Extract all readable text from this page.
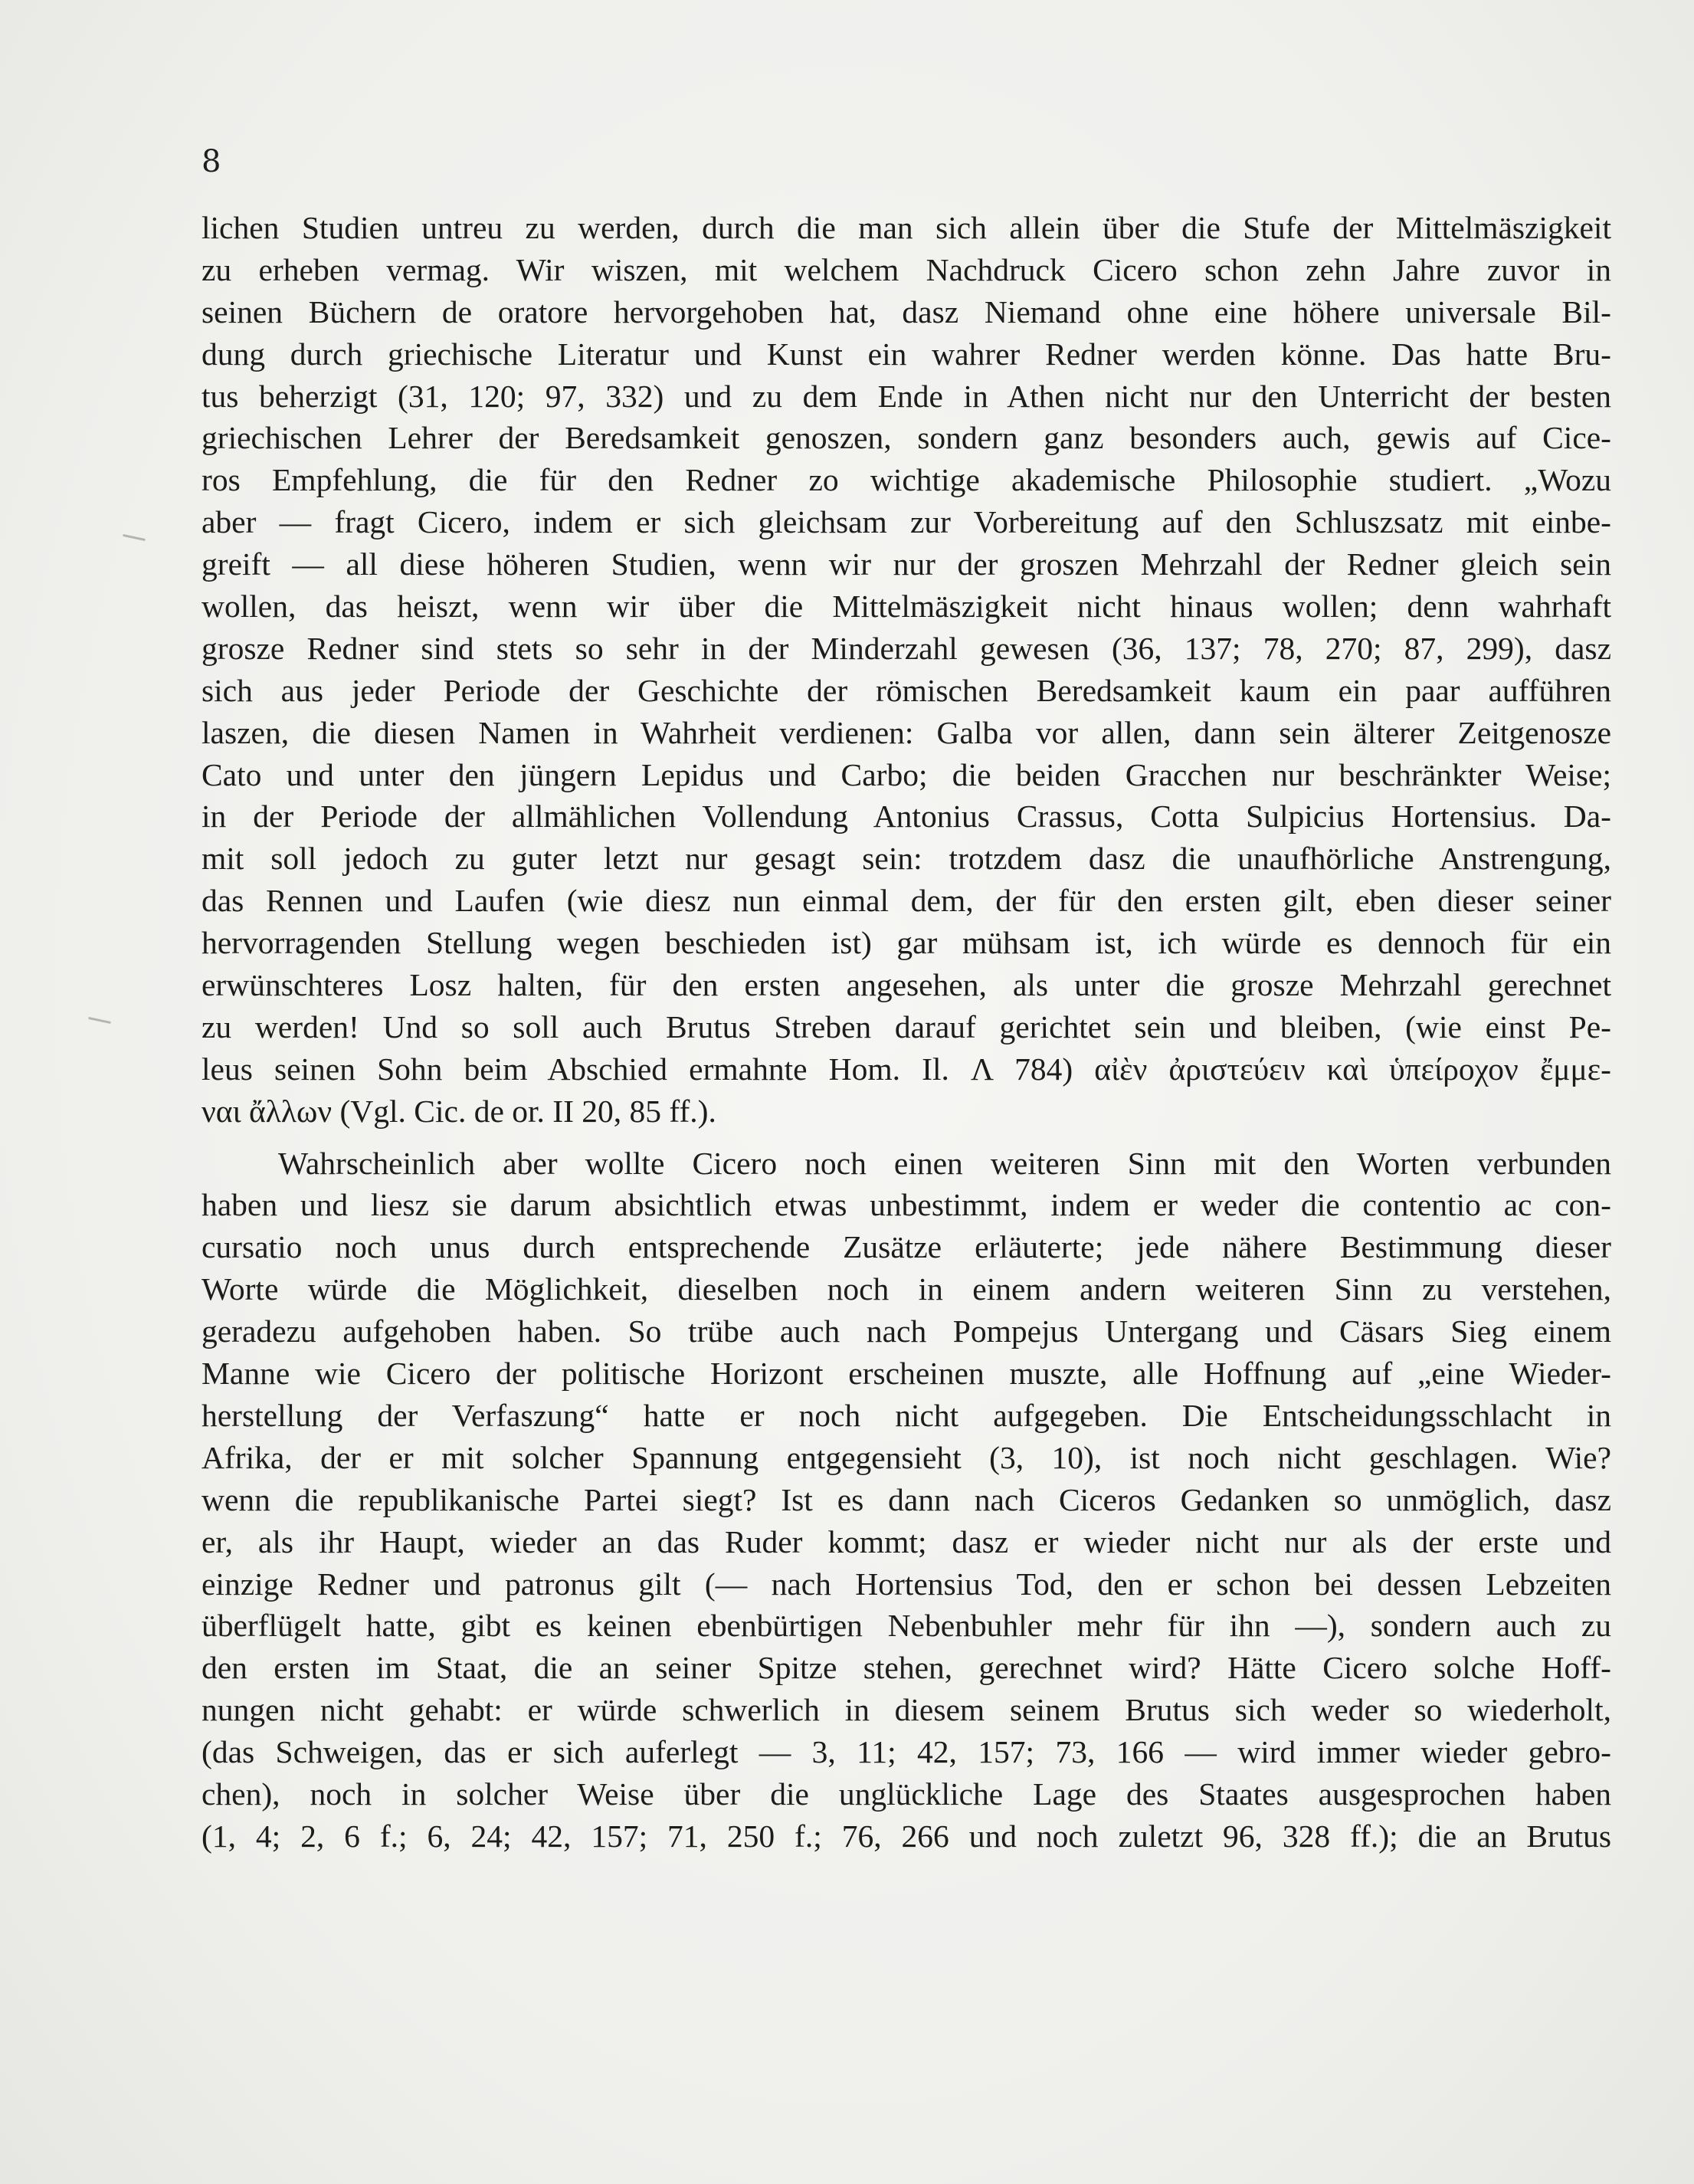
8
lichen Studien untreu zu werden, durch die man sich allein über die Stufe der Mittelmäszigkeit
zu erheben vermag. Wir wiszen, mit welchem Nachdruck Cicero schon zehn Jahre zuvor in
seinen Büchern de oratore hervorgehoben hat, dasz Niemand ohne eine höhere universale Bil-
dung durch griechische Literatur und Kunst ein wahrer Redner werden könne. Das hatte Bru-
tus beherzigt (31, 120; 97, 332) und zu dem Ende in Athen nicht nur den Unterricht der besten
griechischen Lehrer der Beredsamkeit genoszen, sondern ganz besonders auch, gewis auf Cice-
ros Empfehlung, die für den Redner zo wichtige akademische Philosophie studiert. „Wozu
aber — fragt Cicero, indem er sich gleichsam zur Vorbereitung auf den Schluszsatz mit einbe-
greift — all diese höheren Studien, wenn wir nur der groszen Mehrzahl der Redner gleich sein
wollen, das heiszt, wenn wir über die Mittelmäszigkeit nicht hinaus wollen; denn wahrhaft
grosze Redner sind stets so sehr in der Minderzahl gewesen (36, 137; 78, 270; 87, 299), dasz
sich aus jeder Periode der Geschichte der römischen Beredsamkeit kaum ein paar aufführen
laszen, die diesen Namen in Wahrheit verdienen: Galba vor allen, dann sein älterer Zeitgenosze
Cato und unter den jüngern Lepidus und Carbo; die beiden Gracchen nur beschränkter Weise;
in der Periode der allmählichen Vollendung Antonius Crassus, Cotta Sulpicius Hortensius. Da-
mit soll jedoch zu guter letzt nur gesagt sein: trotzdem dasz die unaufhörliche Anstrengung,
das Rennen und Laufen (wie diesz nun einmal dem, der für den ersten gilt, eben dieser seiner
hervorragenden Stellung wegen beschieden ist) gar mühsam ist, ich würde es dennoch für ein
erwünschteres Losz halten, für den ersten angesehen, als unter die grosze Mehrzahl gerechnet
zu werden! Und so soll auch Brutus Streben darauf gerichtet sein und bleiben, (wie einst Pe-
leus seinen Sohn beim Abschied ermahnte Hom. Il. Λ 784) αἰὲν ἀριστεύειν καὶ ὑπείροχον ἔμμε-
ναι ἄλλων (Vgl. Cic. de or. II 20, 85 ff.).
Wahrscheinlich aber wollte Cicero noch einen weiteren Sinn mit den Worten verbunden
haben und liesz sie darum absichtlich etwas unbestimmt, indem er weder die contentio ac con-
cursatio noch unus durch entsprechende Zusätze erläuterte; jede nähere Bestimmung dieser
Worte würde die Möglichkeit, dieselben noch in einem andern weiteren Sinn zu verstehen,
geradezu aufgehoben haben. So trübe auch nach Pompejus Untergang und Cäsars Sieg einem
Manne wie Cicero der politische Horizont erscheinen muszte, alle Hoffnung auf „eine Wieder-
herstellung der Verfaszung“ hatte er noch nicht aufgegeben. Die Entscheidungsschlacht in
Afrika, der er mit solcher Spannung entgegensieht (3, 10), ist noch nicht geschlagen. Wie?
wenn die republikanische Partei siegt? Ist es dann nach Ciceros Gedanken so unmöglich, dasz
er, als ihr Haupt, wieder an das Ruder kommt; dasz er wieder nicht nur als der erste und
einzige Redner und patronus gilt (— nach Hortensius Tod, den er schon bei dessen Lebzeiten
überflügelt hatte, gibt es keinen ebenbürtigen Nebenbuhler mehr für ihn —), sondern auch zu
den ersten im Staat, die an seiner Spitze stehen, gerechnet wird? Hätte Cicero solche Hoff-
nungen nicht gehabt: er würde schwerlich in diesem seinem Brutus sich weder so wiederholt,
(das Schweigen, das er sich auferlegt — 3, 11; 42, 157; 73, 166 — wird immer wieder gebro-
chen), noch in solcher Weise über die unglückliche Lage des Staates ausgesprochen haben
(1, 4; 2, 6 f.; 6, 24; 42, 157; 71, 250 f.; 76, 266 und noch zuletzt 96, 328 ff.); die an Brutus
